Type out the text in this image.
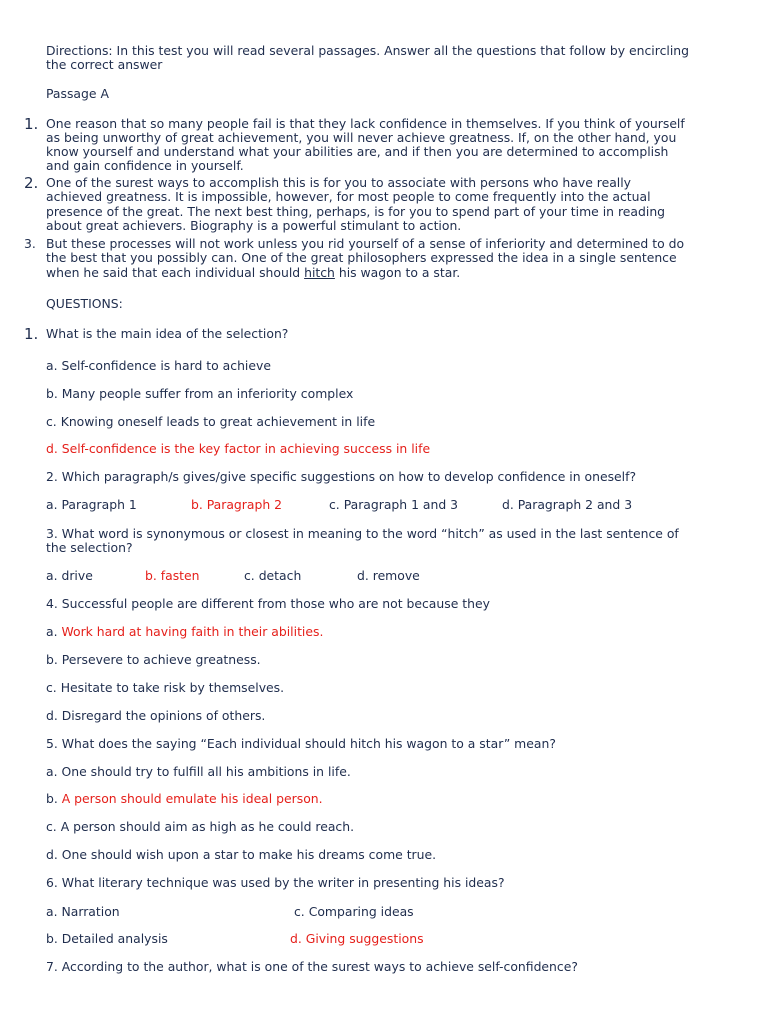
Directions: In this test you will read several passages. Answer all the questions that follow by encircling
the correct answer
Passage A
1. One reason that so many people fail is that they lack confidence in themselves. If you think of yourself
as being unworthy of great achievement, you will never achieve greatness. If, on the other hand, you
know yourself and understand what your abilities are, and if then you are determined to accomplish
and gain confidence in yourself.
2. One of the surest ways to accomplish this is for you to associate with persons who have really
achieved greatness. It is impossible, however, for most people to come frequently into the actual
presence of the great. The next best thing, perhaps, is for you to spend part of your time in reading
about great achievers. Biography is a powerful stimulant to action.
3. But these processes will not work unless you rid yourself of a sense of inferiority and determined to do
the best that you possibly can. One of the great philosophers expressed the idea in a single sentence
when he said that each individual should hitch his wagon to a star.
QUESTIONS:
1. What is the main idea of the selection?
a. Self-confidence is hard to achieve
b. Many people suffer from an inferiority complex
c. Knowing oneself leads to great achievement in life
d. Self-confidence is the key factor in achieving success in life
2. Which paragraph/s gives/give specific suggestions on how to develop confidence in oneself?
a. Paragraph 1	b. Paragraph 2	c. Paragraph 1 and 3	d. Paragraph 2 and 3
3. What word is synonymous or closest in meaning to the word “hitch” as used in the last sentence of
the selection?
a. drive	b. fasten	c. detach	d. remove
4. Successful people are different from those who are not because they
a. Work hard at having faith in their abilities.
b. Persevere to achieve greatness.
c. Hesitate to take risk by themselves.
d. Disregard the opinions of others.
5. What does the saying “Each individual should hitch his wagon to a star” mean?
a. One should try to fulfill all his ambitions in life.
b. A person should emulate his ideal person.
c. A person should aim as high as he could reach.
d. One should wish upon a star to make his dreams come true.
6. What literary technique was used by the writer in presenting his ideas?
a. Narration	c. Comparing ideas
b. Detailed analysis	d. Giving suggestions
7. According to the author, what is one of the surest ways to achieve self-confidence?
